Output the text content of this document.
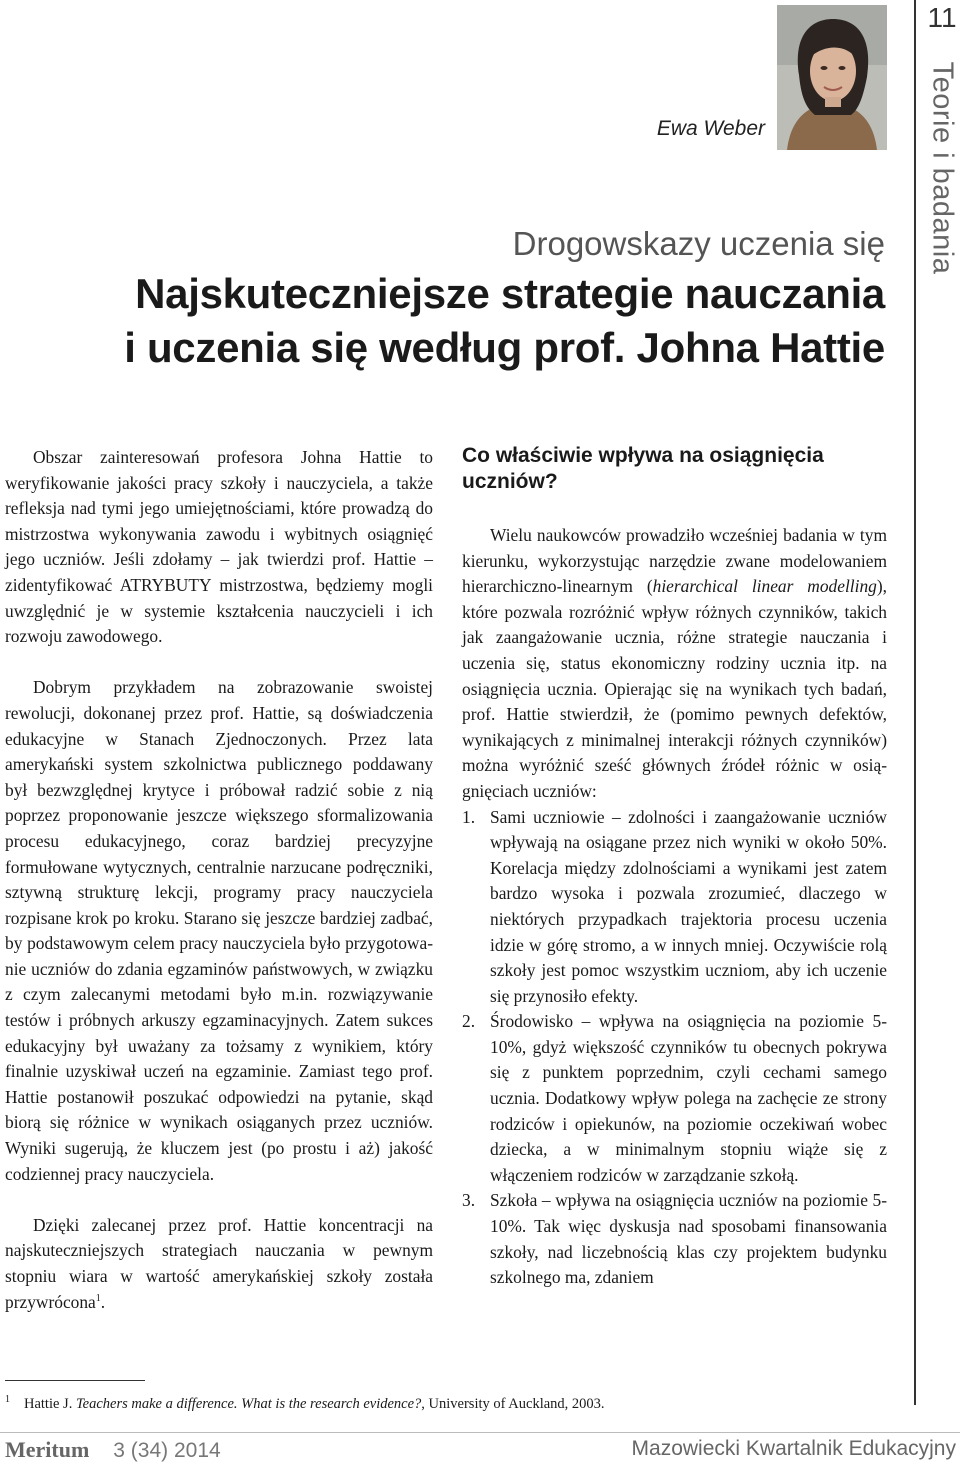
11
Teorie i badania
Ewa Weber
Drogowskazy uczenia się
Najskuteczniejsze strategie nauczania
i uczenia się według prof. Johna Hattie

Obszar zainteresowań profesora Johna Hattie to weryfikowanie jakości pracy szkoły i nauczyciela, a także refleksja nad tymi jego umiejętnościami, które prowadzą do mistrzostwa wykonywania zawodu i wybitnych osiągnięć jego uczniów. Jeśli zdołamy – jak twierdzi prof. Hattie – zidentyfikować ATRYBUTY mistrzostwa, będziemy mogli uwzględnić je w systemie kształcenia nauczycieli i ich rozwoju zawodowego.

Dobrym przykładem na zobrazowanie swoistej rewolucji, dokonanej przez prof. Hattie, są doświadczenia edukacyjne w Stanach Zjednoczonych. Przez lata amerykański system szkolnictwa publicznego poddawany był bezwzględnej krytyce i próbował radzić sobie z nią poprzez proponowanie jeszcze większego sformalizowania procesu edukacyjnego, coraz bardziej precyzyjne formułowane wytycznych, centralnie narzucane podręczniki, sztywną strukturę lekcji, programy pracy nauczyciela rozpisane krok po kroku. Starano się jeszcze bardziej zadbać, by podstawowym celem pracy nauczyciela było przygotowanie uczniów do zdania egzaminów państwowych, w związku z czym zalecanymi metodami było m.in. rozwiązywanie testów i próbnych arkuszy egzaminacyjnych. Zatem sukces edukacyjny był uważany za tożsamy z wynikiem, który finalnie uzyskiwał uczeń na egzaminie. Zamiast tego prof. Hattie postanowił poszukać odpowiedzi na pytanie, skąd biorą się różnice w wynikach osiąganych przez uczniów. Wyniki sugerują, że kluczem jest (po prostu i aż) jakość codziennej pracy nauczyciela.

Dzięki zalecanej przez prof. Hattie koncentracji na najskuteczniejszych strategiach nauczania w pewnym stopniu wiara w wartość amerykańskiej szkoły została przywrócona$^1$.

Co właściwie wpływa na osiągnięcia uczniów?

Wielu naukowców prowadziło wcześniej badania w tym kierunku, wykorzystując narzędzie zwane modelowaniem hierarchiczno-linearnym (hierarchical linear modelling), które pozwala rozróżnić wpływ różnych czynników, takich jak zaangażowanie ucznia, różne strategie nauczania i uczenia się, status ekonomiczny rodziny ucznia itp. na osiągnięcia ucznia. Opierając się na wynikach tych badań, prof. Hattie stwierdził, że (pomimo pewnych defektów, wynikających z minimalnej interakcji różnych czynników) można wyróżnić sześć głównych źródeł różnic w osiągnięciach uczniów:

1. Sami uczniowie – zdolności i zaangażowanie uczniów wpływają na osiągane przez nich wyniki w około 50%. Korelacja między zdolnościami a wynikami jest zatem bardzo wysoka i pozwala zrozumieć, dlaczego w niektórych przypadkach trajektoria procesu uczenia idzie w górę stromo, a w innych mniej. Oczywiście rolą szkoły jest pomoc wszystkim uczniom, aby ich uczenie się przynosiło efekty.
2. Środowisko – wpływa na osiągnięcia na poziomie 5-10%, gdyż większość czynników tu obecnych pokrywa się z punktem poprzednim, czyli cechami samego ucznia. Dodatkowy wpływ polega na zachęcie ze strony rodziców i opiekunów, na poziomie oczekiwań wobec dziecka, a w minimalnym stopniu wiąże się z włączeniem rodziców w zarządzanie szkołą.
3. Szkoła – wpływa na osiągnięcia uczniów na poziomie 5-10%. Tak więc dyskusja nad sposobami finansowania szkoły, nad liczebnością klas czy projektem budynku szkolnego ma, zdaniem
$^1$ Hattie J. Teachers make a difference. What is the research evidence?, University of Auckland, 2003.
Meritum 3 (34) 2014	Mazowiecki Kwartalnik Edukacyjny
